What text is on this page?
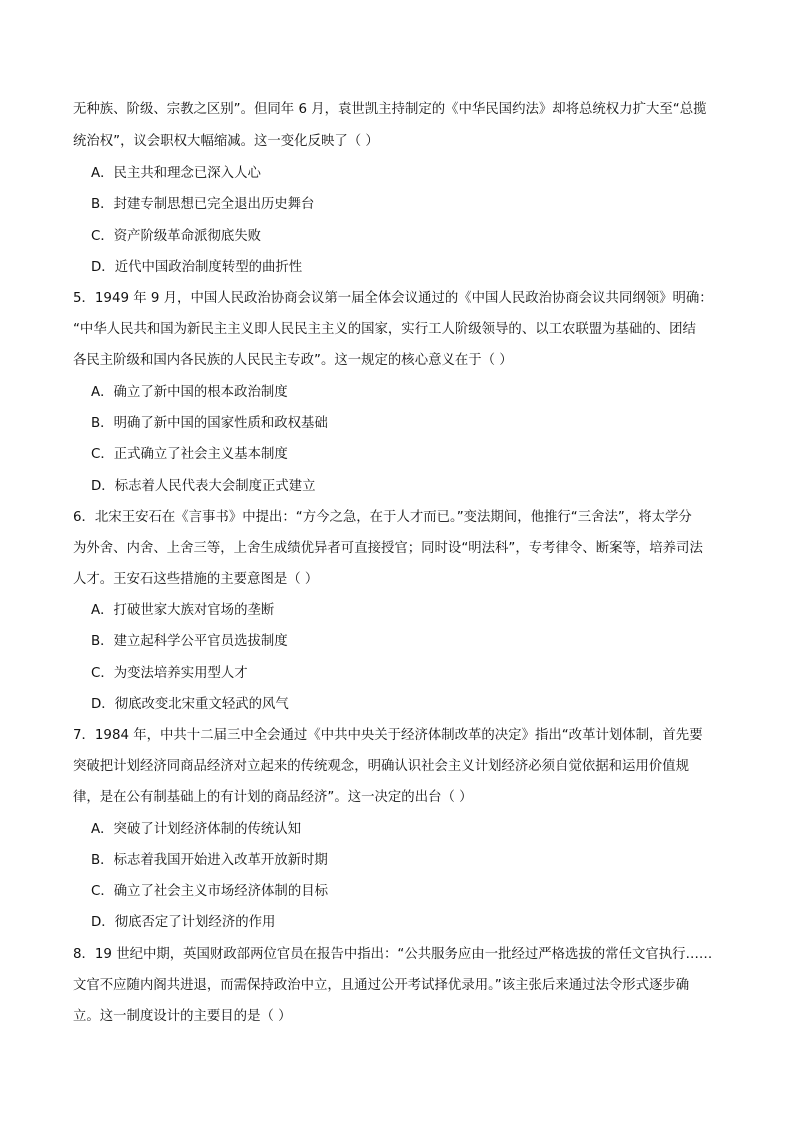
无种族、阶级、宗教之区别”。但同年 6 月，袁世凯主持制定的《中华民国约法》却将总统权力扩大至“总揽
统治权”，议会职权大幅缩减。这一变化反映了（ ）
A．民主共和理念已深入人心
B．封建专制思想已完全退出历史舞台
C．资产阶级革命派彻底失败
D．近代中国政治制度转型的曲折性
5．1949 年 9 月，中国人民政治协商会议第一届全体会议通过的《中国人民政治协商会议共同纲领》明确：
“中华人民共和国为新民主主义即人民民主主义的国家，实行工人阶级领导的、以工农联盟为基础的、团结
各民主阶级和国内各民族的人民民主专政”。这一规定的核心意义在于（ ）
A．确立了新中国的根本政治制度
B．明确了新中国的国家性质和政权基础
C．正式确立了社会主义基本制度
D．标志着人民代表大会制度正式建立
6．北宋王安石在《言事书》中提出：“方今之急，在于人才而已。”变法期间，他推行“三舍法”，将太学分
为外舍、内舍、上舍三等，上舍生成绩优异者可直接授官；同时设“明法科”，专考律令、断案等，培养司法
人才。王安石这些措施的主要意图是（ ）
A．打破世家大族对官场的垄断
B．建立起科学公平官员选拔制度
C．为变法培养实用型人才
D．彻底改变北宋重文轻武的风气
7．1984 年，中共十二届三中全会通过《中共中央关于经济体制改革的决定》指出“改革计划体制，首先要
突破把计划经济同商品经济对立起来的传统观念，明确认识社会主义计划经济必须自觉依据和运用价值规
律，是在公有制基础上的有计划的商品经济”。这一决定的出台（ ）
A．突破了计划经济体制的传统认知
B．标志着我国开始进入改革开放新时期
C．确立了社会主义市场经济体制的目标
D．彻底否定了计划经济的作用
8．19 世纪中期，英国财政部两位官员在报告中指出：“公共服务应由一批经过严格选拔的常任文官执行……
文官不应随内阁共进退，而需保持政治中立，且通过公开考试择优录用。”该主张后来通过法令形式逐步确
立。这一制度设计的主要目的是（ ）
